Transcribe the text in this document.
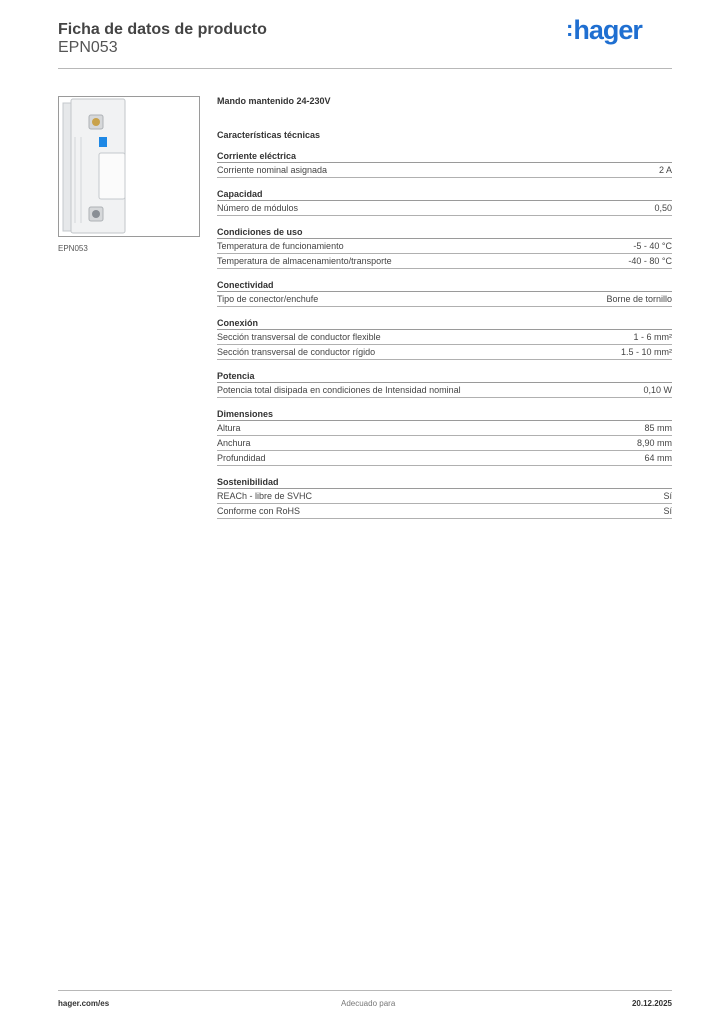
Ficha de datos de producto
EPN053
:hager
EPN053
Mando mantenido 24-230V
Características técnicas
Corriente eléctrica
Corriente nominal asignada	2 A
Capacidad
Número de módulos	0,50
Condiciones de uso
Temperatura de funcionamiento	-5 - 40 °C
Temperatura de almacenamiento/transporte	-40 - 80 °C
Conectividad
Tipo de conector/enchufe	Borne de tornillo
Conexión
Sección transversal de conductor flexible	1 - 6 mm²
Sección transversal de conductor rígido	1.5 - 10 mm²
Potencia
Potencia total disipada en condiciones de Intensidad nominal	0,10 W
Dimensiones
Altura	85 mm
Anchura	8,90 mm
Profundidad	64 mm
Sostenibilidad
REACh - libre de SVHC	Sí
Conforme con RoHS	Sí
hager.com/es	Adecuado para	20.12.2025
